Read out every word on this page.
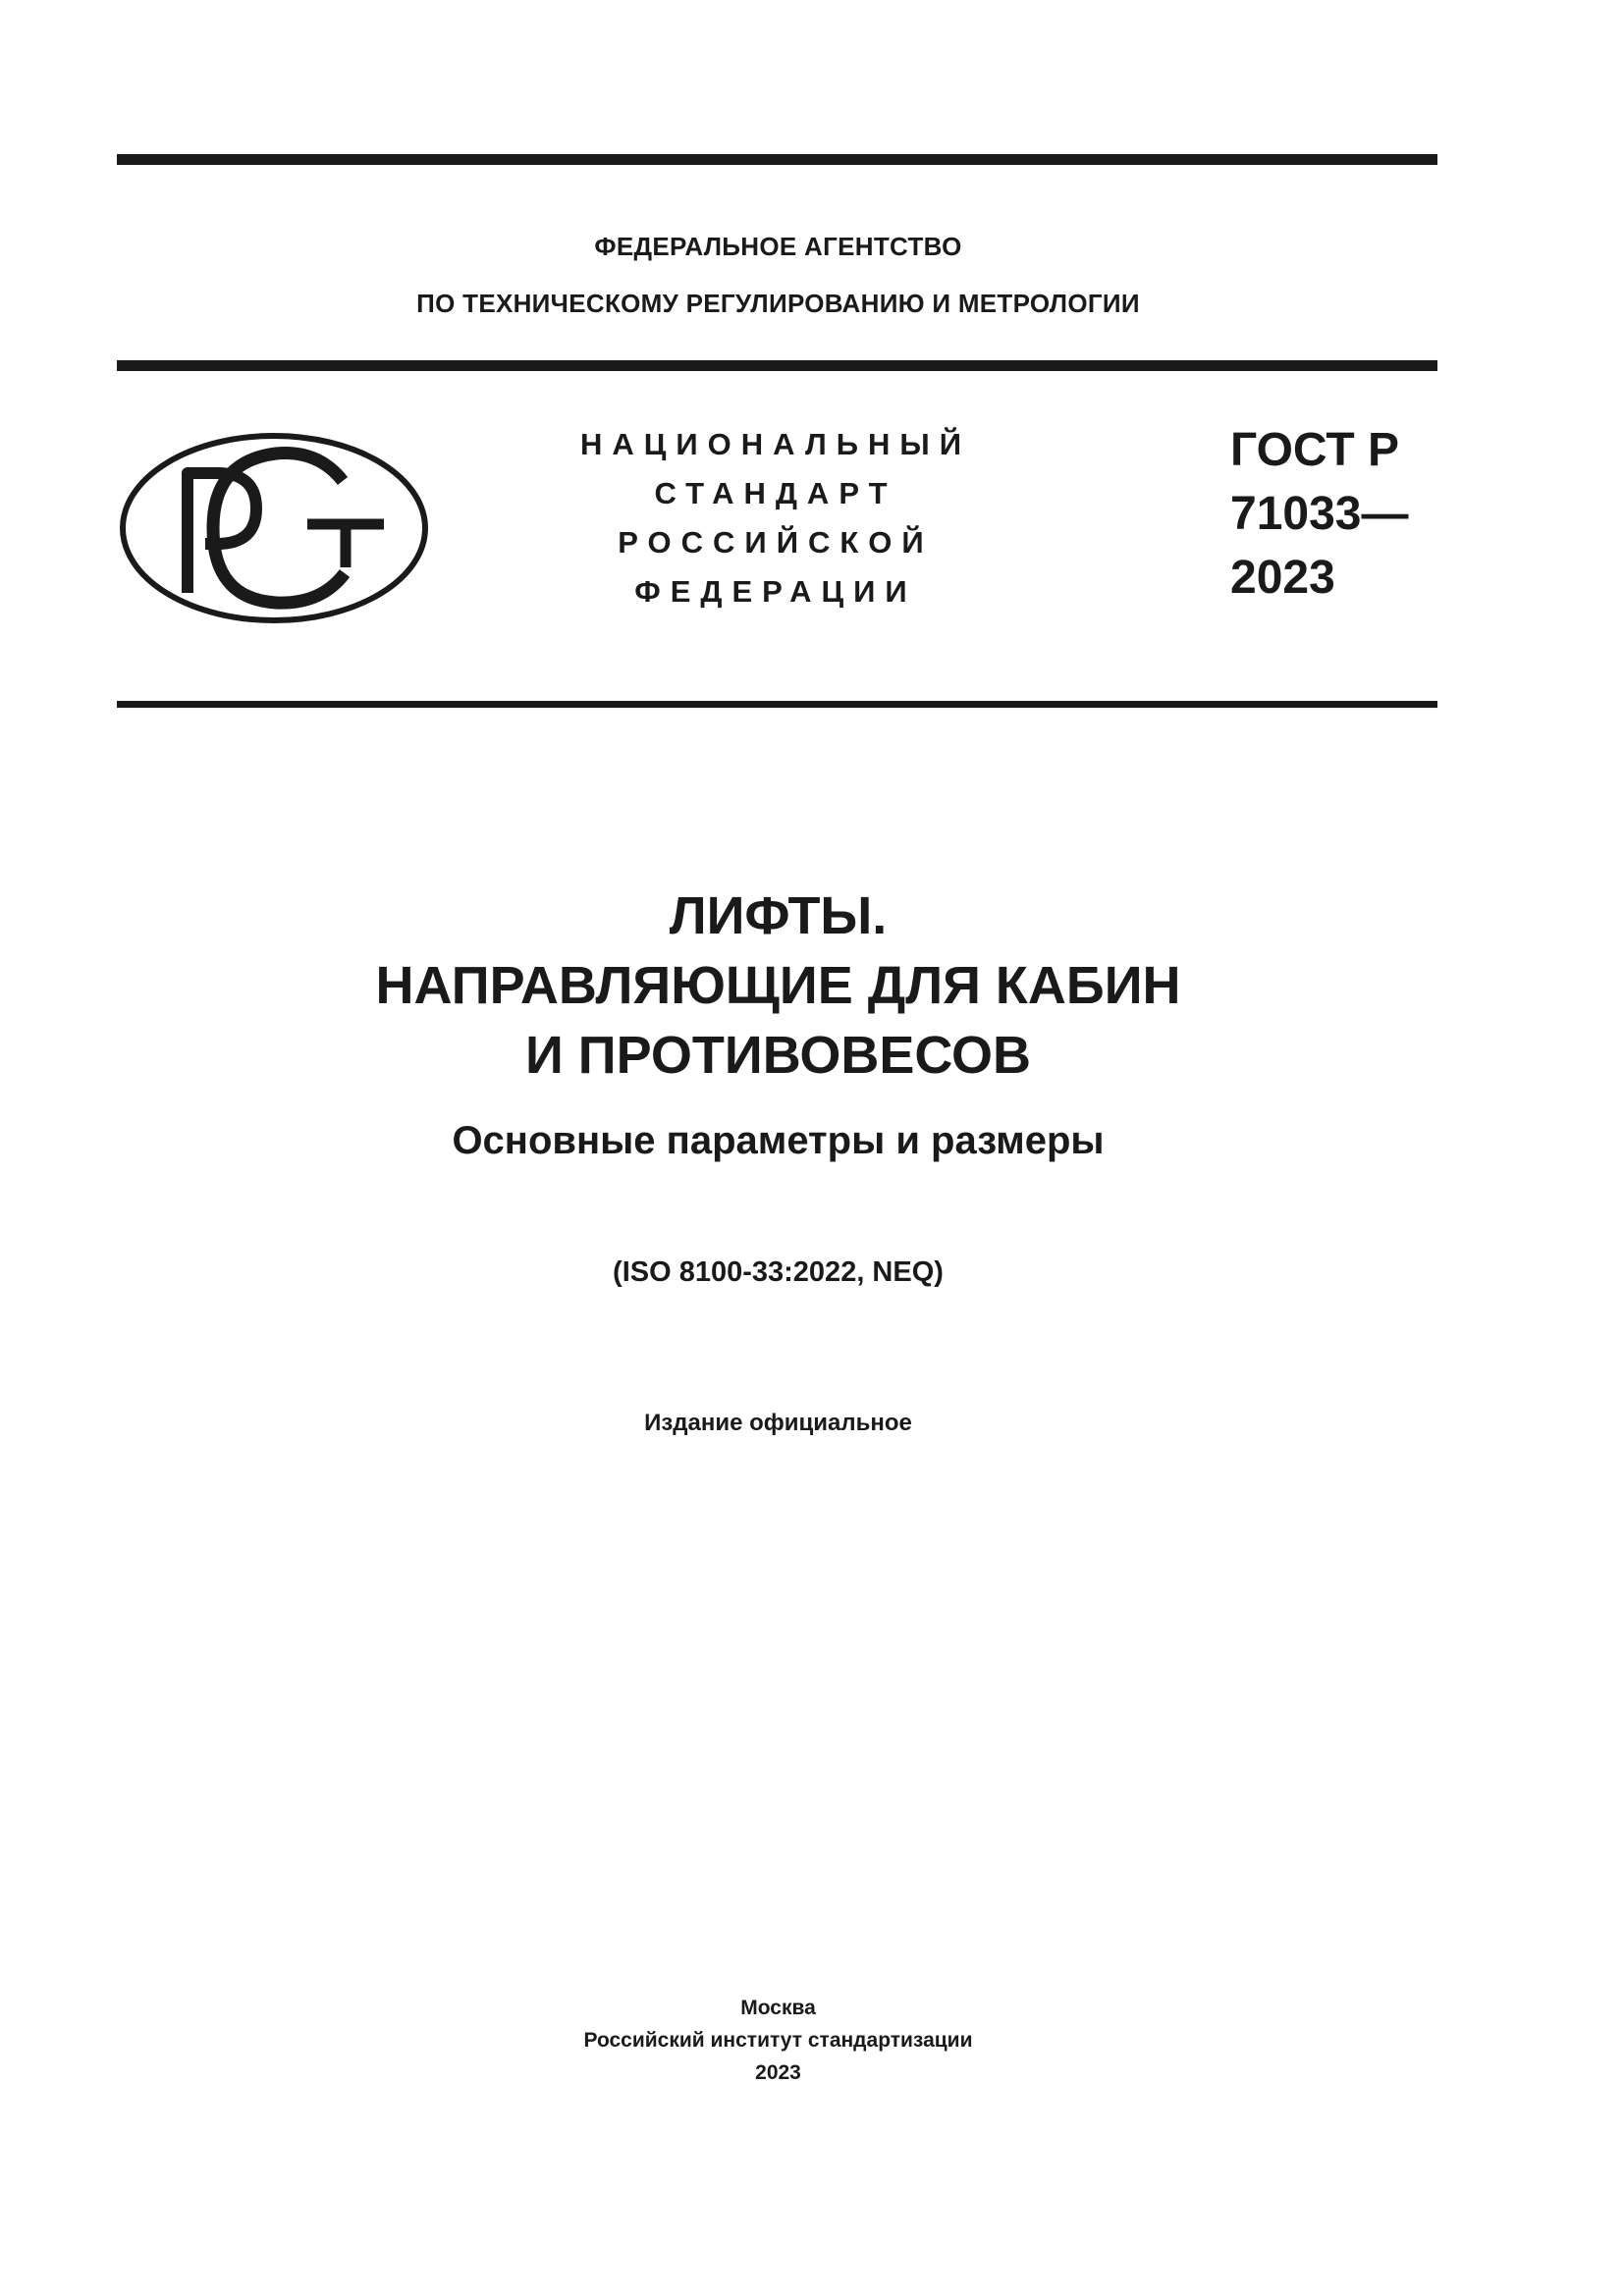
ФЕДЕРАЛЬНОЕ АГЕНТСТВО
ПО ТЕХНИЧЕСКОМУ РЕГУЛИРОВАНИЮ И МЕТРОЛОГИИ
НАЦИОНАЛЬНЫЙ
СТАНДАРТ
РОССИЙСКОЙ
ФЕДЕРАЦИИ
ГОСТ Р
71033—
2023
ЛИФТЫ.
НАПРАВЛЯЮЩИЕ ДЛЯ КАБИН
И ПРОТИВОВЕСОВ
Основные параметры и размеры
(ISO 8100-33:2022, NEQ)
Издание официальное
Москва
Российский институт стандартизации
2023
